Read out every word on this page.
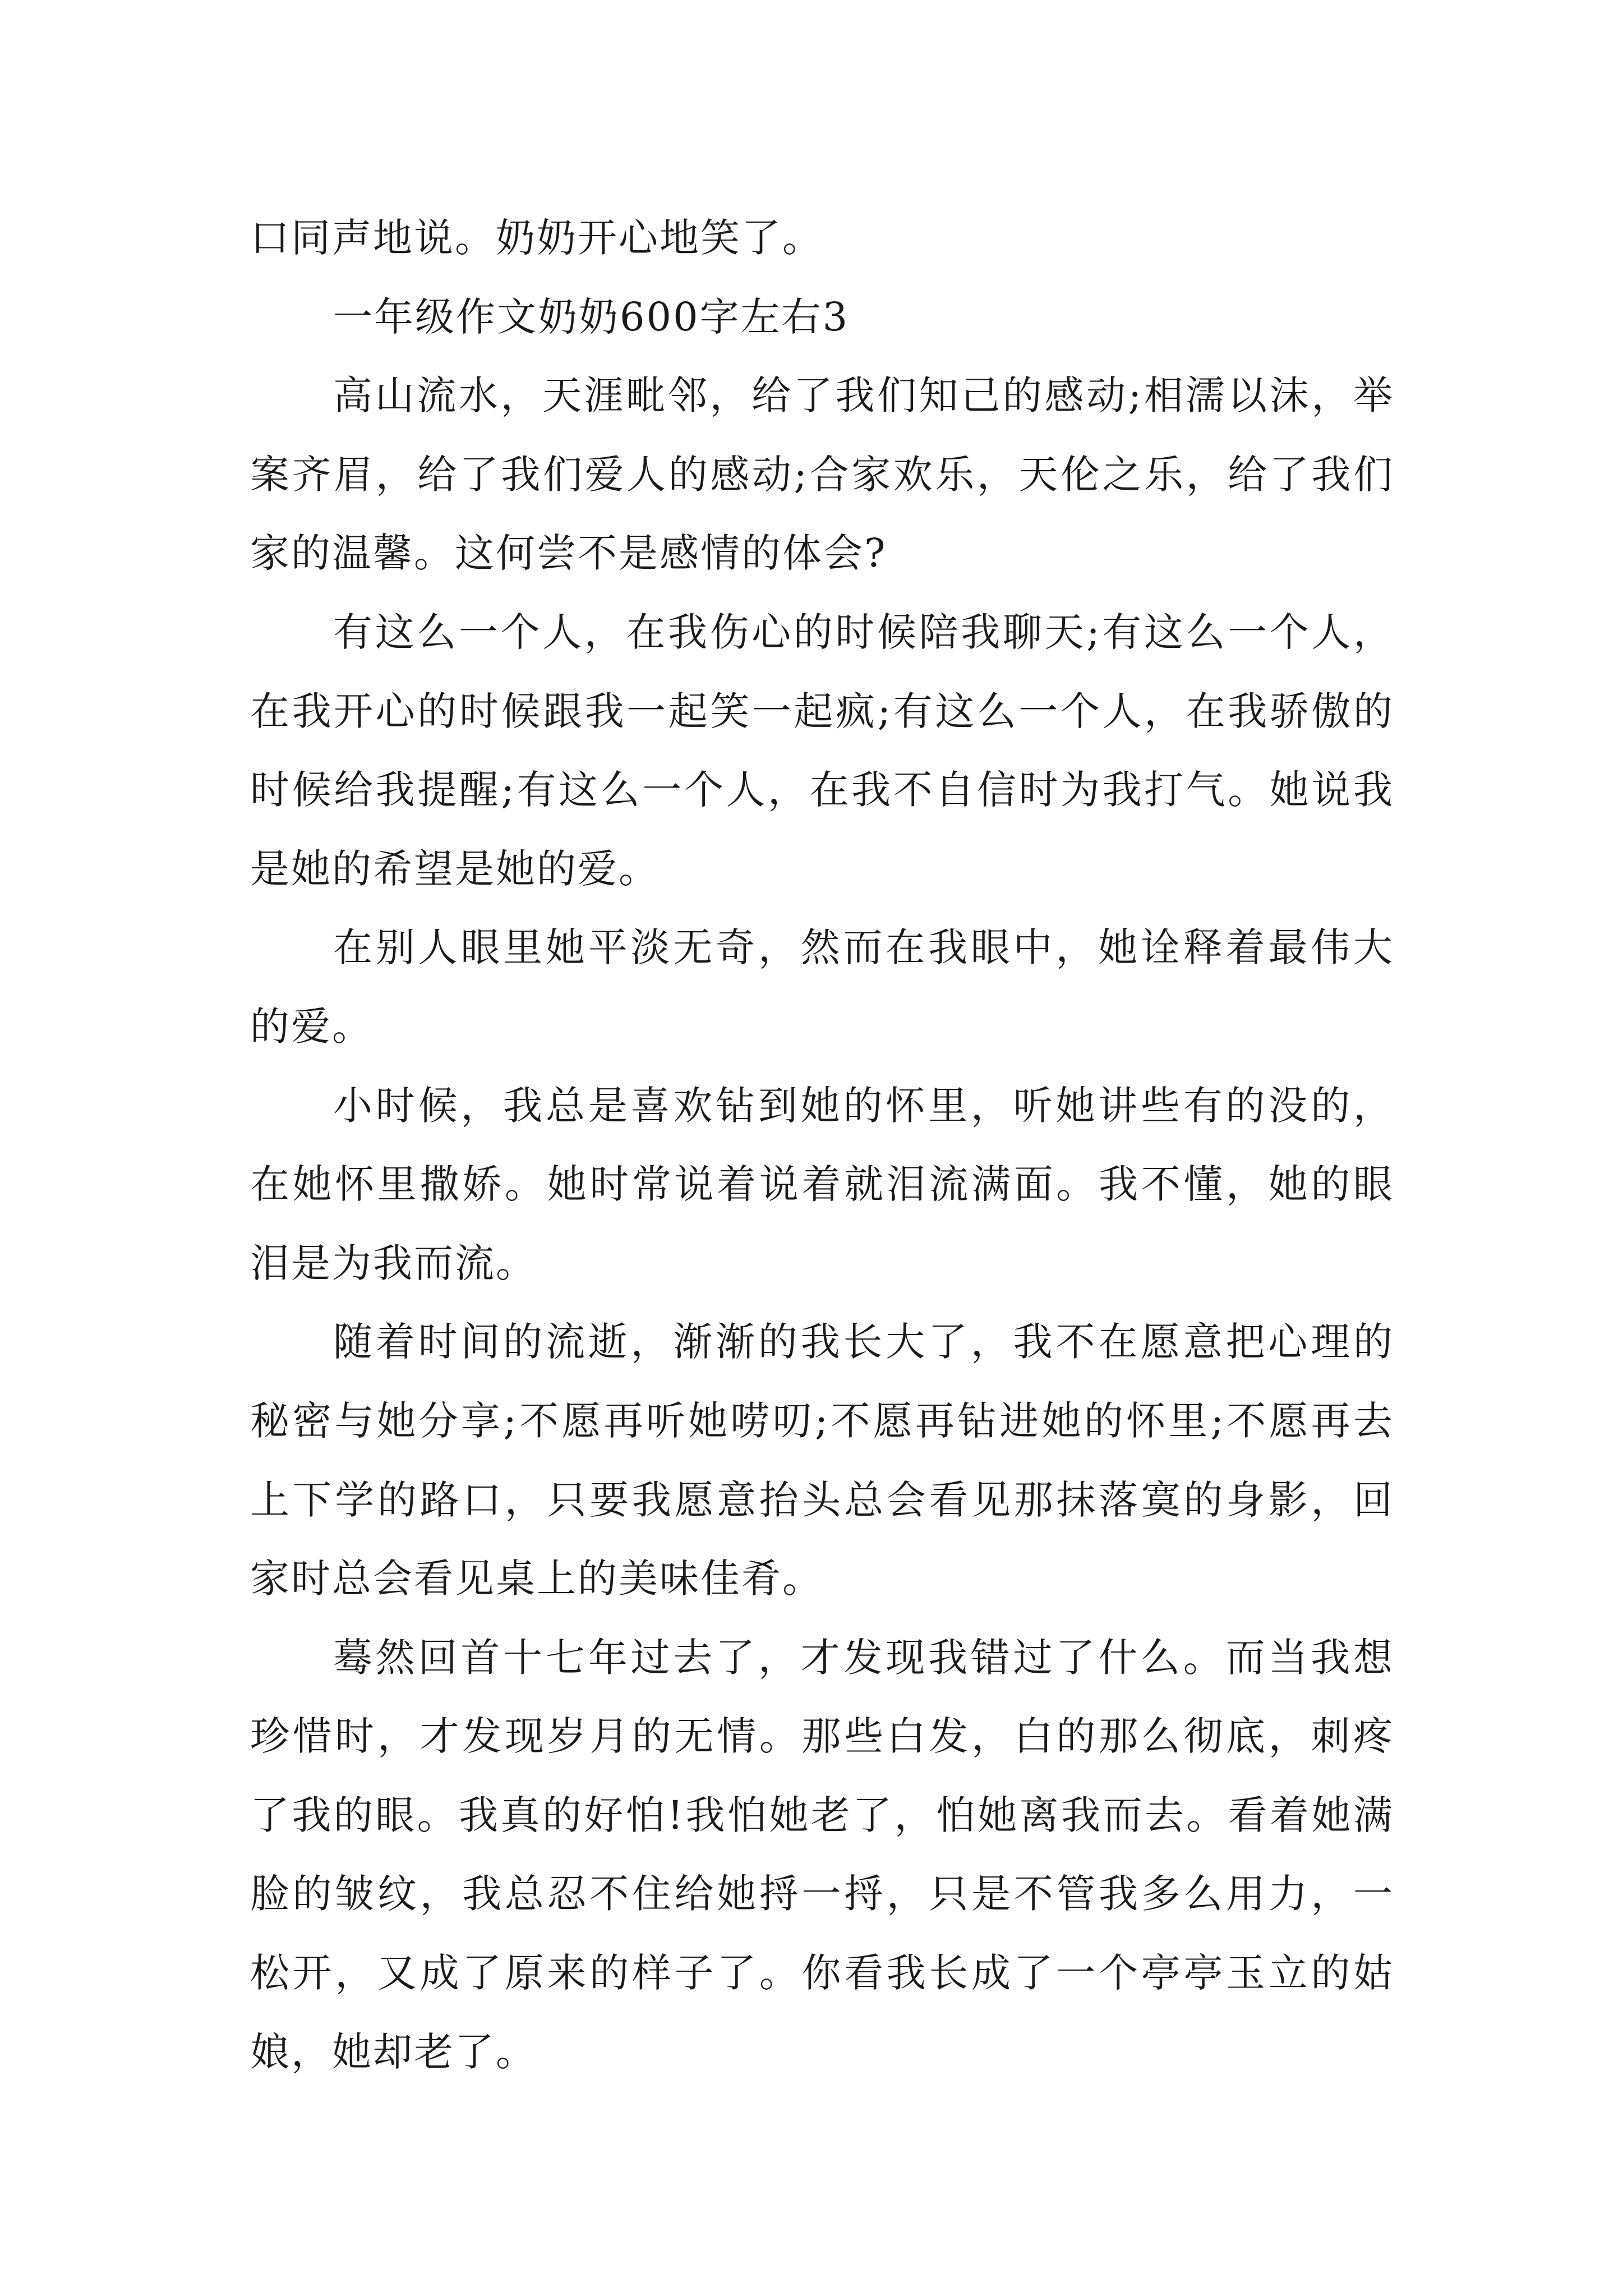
口同声地说。奶奶开心地笑了。

一年级作文奶奶600字左右3

高山流水，天涯毗邻，给了我们知己的感动;相濡以沫，举案齐眉，给了我们爱人的感动;合家欢乐，天伦之乐，给了我们家的温馨。这何尝不是感情的体会?

有这么一个人，在我伤心的时候陪我聊天;有这么一个人，在我开心的时候跟我一起笑一起疯;有这么一个人，在我骄傲的时候给我提醒;有这么一个人，在我不自信时为我打气。她说我是她的希望是她的爱。

在别人眼里她平淡无奇，然而在我眼中，她诠释着最伟大的爱。

小时候，我总是喜欢钻到她的怀里，听她讲些有的没的，在她怀里撒娇。她时常说着说着就泪流满面。我不懂，她的眼泪是为我而流。

随着时间的流逝，渐渐的我长大了，我不在愿意把心理的秘密与她分享;不愿再听她唠叨;不愿再钻进她的怀里;不愿再去上下学的路口，只要我愿意抬头总会看见那抹落寞的身影，回家时总会看见桌上的美味佳肴。

蓦然回首十七年过去了，才发现我错过了什么。而当我想珍惜时，才发现岁月的无情。那些白发，白的那么彻底，刺疼了我的眼。我真的好怕!我怕她老了，怕她离我而去。看着她满脸的皱纹，我总忍不住给她捋一捋，只是不管我多么用力，一松开，又成了原来的样子了。你看我长成了一个亭亭玉立的姑娘，她却老了。
